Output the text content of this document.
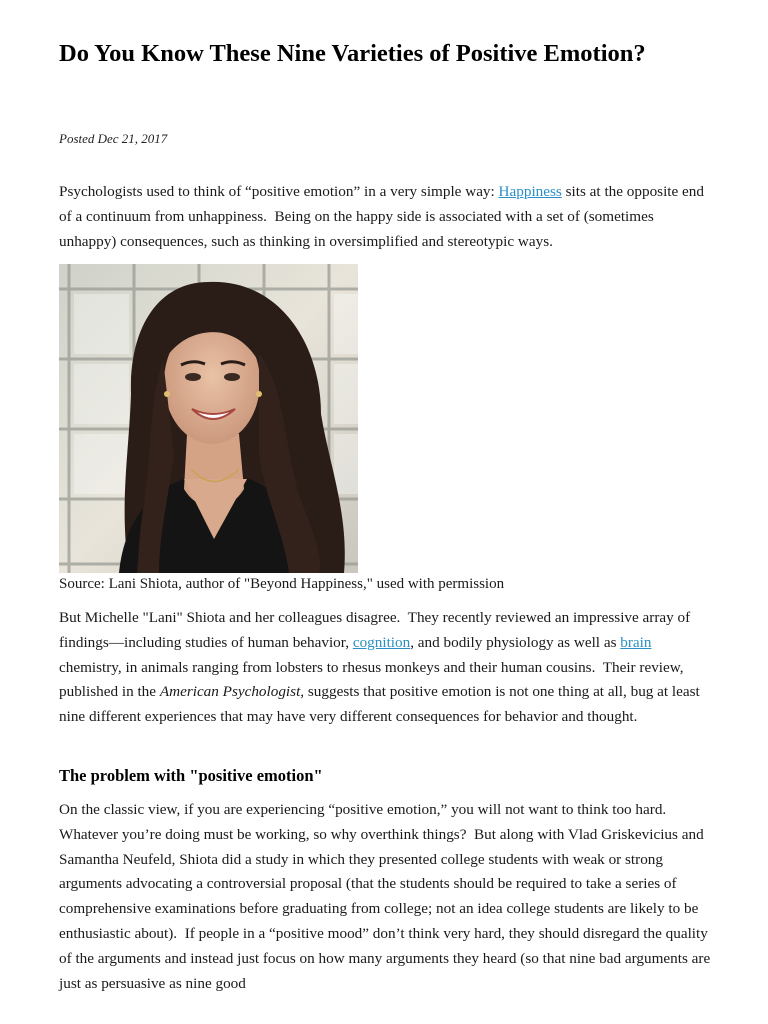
Do You Know These Nine Varieties of Positive Emotion?
Posted Dec 21, 2017

Psychologists used to think of “positive emotion” in a very simple way: Happiness sits at the opposite end of a continuum from unhappiness.  Being on the happy side is associated with a set of (sometimes unhappy) consequences, such as thinking in oversimplified and stereotypic ways.

Source: Lani Shiota, author of "Beyond Happiness," used with permission

But Michelle "Lani" Shiota and her colleagues disagree.  They recently reviewed an impressive array of findings—including studies of human behavior, cognition, and bodily physiology as well as brain chemistry, in animals ranging from lobsters to rhesus monkeys and their human cousins.  Their review, published in the American Psychologist, suggests that positive emotion is not one thing at all, bug at least nine different experiences that may have very different consequences for behavior and thought.

The problem with "positive emotion"

On the classic view, if you are experiencing “positive emotion,” you will not want to think too hard.  Whatever you’re doing must be working, so why overthink things?  But along with Vlad Griskevicius and Samantha Neufeld, Shiota did a study in which they presented college students with weak or strong arguments advocating a controversial proposal (that the students should be required to take a series of comprehensive examinations before graduating from college; not an idea college students are likely to be enthusiastic about).  If people in a “positive mood” don’t think very hard, they should disregard the quality of the arguments and instead just focus on how many arguments they heard (so that nine bad arguments are just as persuasive as nine good
